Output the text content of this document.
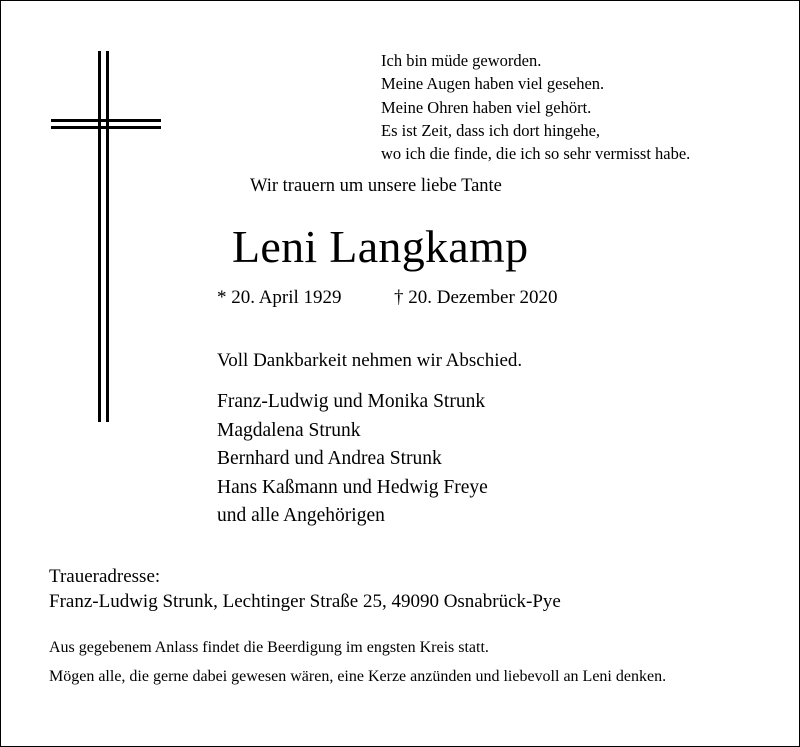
Ich bin müde geworden.
Meine Augen haben viel gesehen.
Meine Ohren haben viel gehört.
Es ist Zeit, dass ich dort hingehe,
wo ich die finde, die ich so sehr vermisst habe.
Wir trauern um unsere liebe Tante
Leni Langkamp
* 20. April 1929	† 20. Dezember 2020
Voll Dankbarkeit nehmen wir Abschied.
Franz-Ludwig und Monika Strunk
Magdalena Strunk
Bernhard und Andrea Strunk
Hans Kaßmann und Hedwig Freye
und alle Angehörigen
Traueradresse:
Franz-Ludwig Strunk, Lechtinger Straße 25, 49090 Osnabrück-Pye
Aus gegebenem Anlass findet die Beerdigung im engsten Kreis statt.
Mögen alle, die gerne dabei gewesen wären, eine Kerze anzünden und liebevoll an Leni denken.
